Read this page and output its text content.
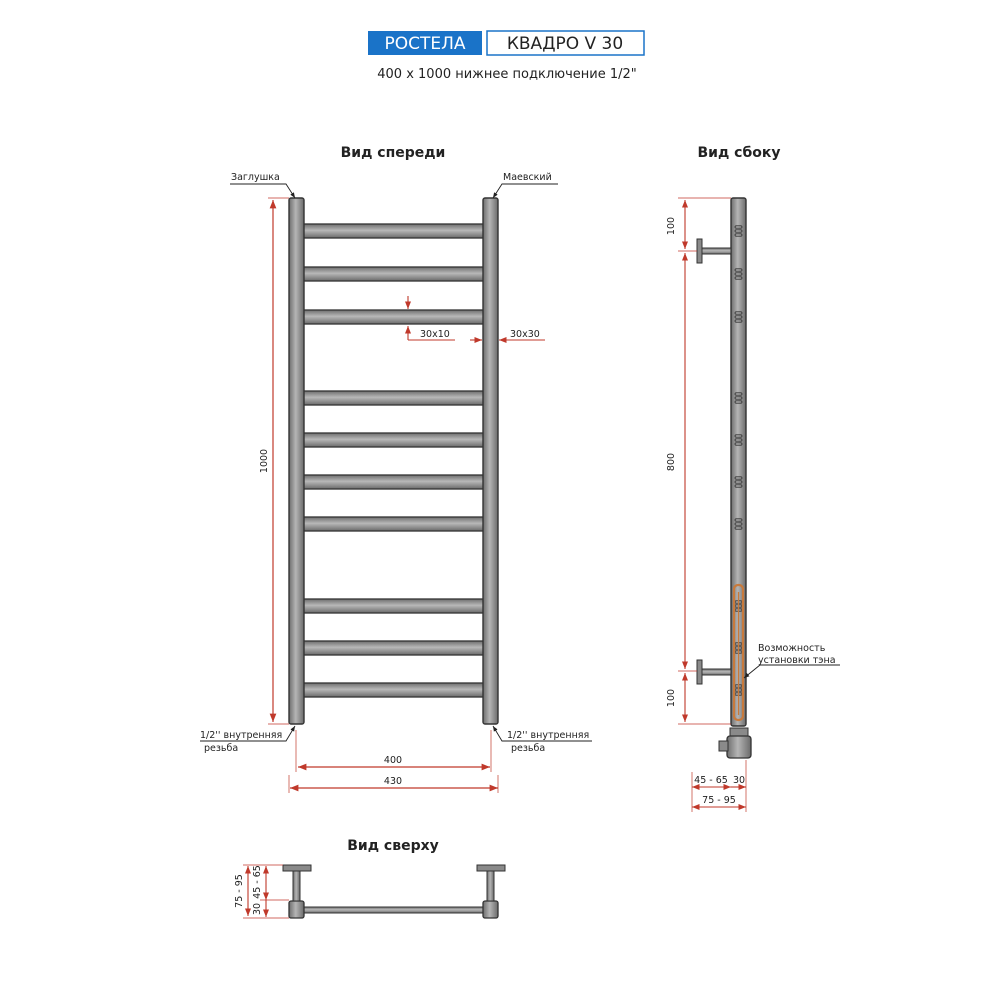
РОСТЕЛА КВАДРО V 30
400 х 1000 нижнее подключение 1/2"
Вид спереди
Заглушка	Маевский
1/2'' внутренняя
резьба
1/2'' внутренняя
резьба
1000
30х10	30х30
400
430
Вид сбоку
100
800
100
Возможность
установки тэна
45 - 65 30
75 - 95
Вид сверху
75 - 95 45 - 65
30
